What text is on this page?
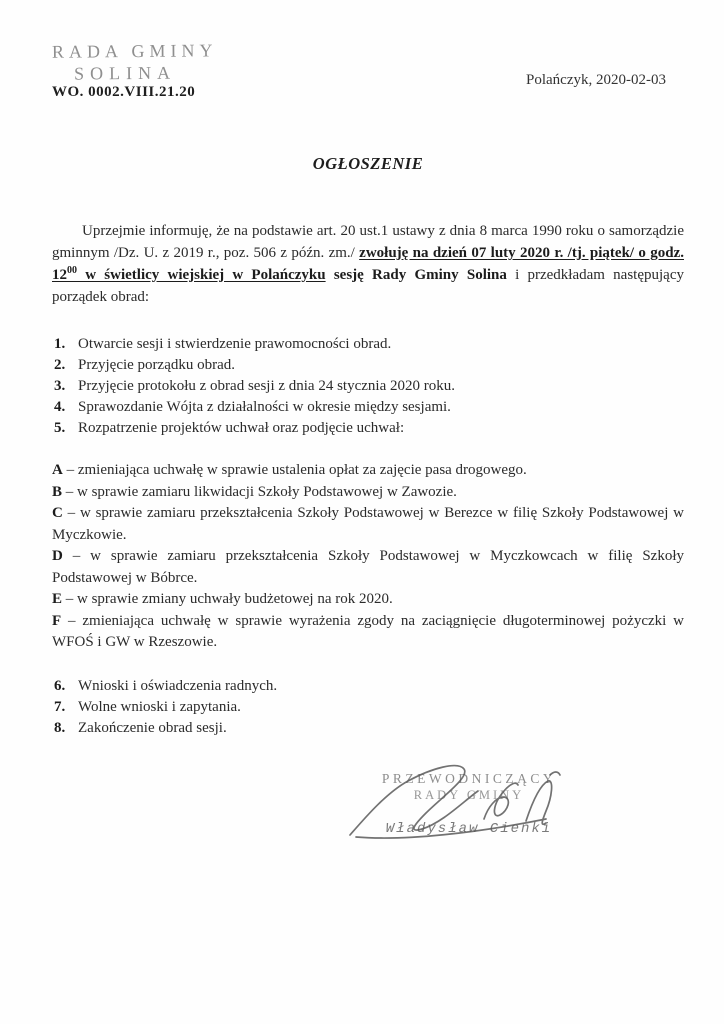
RADA GMINY
SOLINA
WO. 0002.VIII.21.20
Polańczyk, 2020-02-03
OGŁOSZENIE

Uprzejmie informuję, że na podstawie art. 20 ust.1 ustawy z dnia 8 marca 1990 roku o samorządzie gminnym /Dz. U. z 2019 r., poz. 506 z późn. zm./ zwołuję na dzień 07 luty 2020 r. /tj. piątek/ o godz. $12^{00}$ w świetlicy wiejskiej w Polańczyku sesję Rady Gminy Solina i przedkładam następujący porządek obrad:

1. Otwarcie sesji i stwierdzenie prawomocności obrad.
2. Przyjęcie porządku obrad.
3. Przyjęcie protokołu z obrad sesji z dnia 24 stycznia 2020 roku.
4. Sprawozdanie Wójta z działalności w okresie między sesjami.
5. Rozpatrzenie projektów uchwał oraz podjęcie uchwał:
A – zmieniająca uchwałę w sprawie ustalenia opłat za zajęcie pasa drogowego.
B – w sprawie zamiaru likwidacji Szkoły Podstawowej w Zawozie.
C – w sprawie zamiaru przekształcenia Szkoły Podstawowej w Berezce w filię Szkoły Podstawowej w Myczkowie.
D – w sprawie zamiaru przekształcenia Szkoły Podstawowej w Myczkowcach w filię Szkoły Podstawowej w Bóbrce.
E – w sprawie zmiany uchwały budżetowej na rok 2020.
F – zmieniająca uchwałę w sprawie wyrażenia zgody na zaciągnięcie długoterminowej pożyczki w WFOŚ i GW w Rzeszowie.
6. Wnioski i oświadczenia radnych.
7. Wolne wnioski i zapytania.
8. Zakończenie obrad sesji.
PRZEWODNICZĄCY
RADY GMINY
Władysław Cienki
